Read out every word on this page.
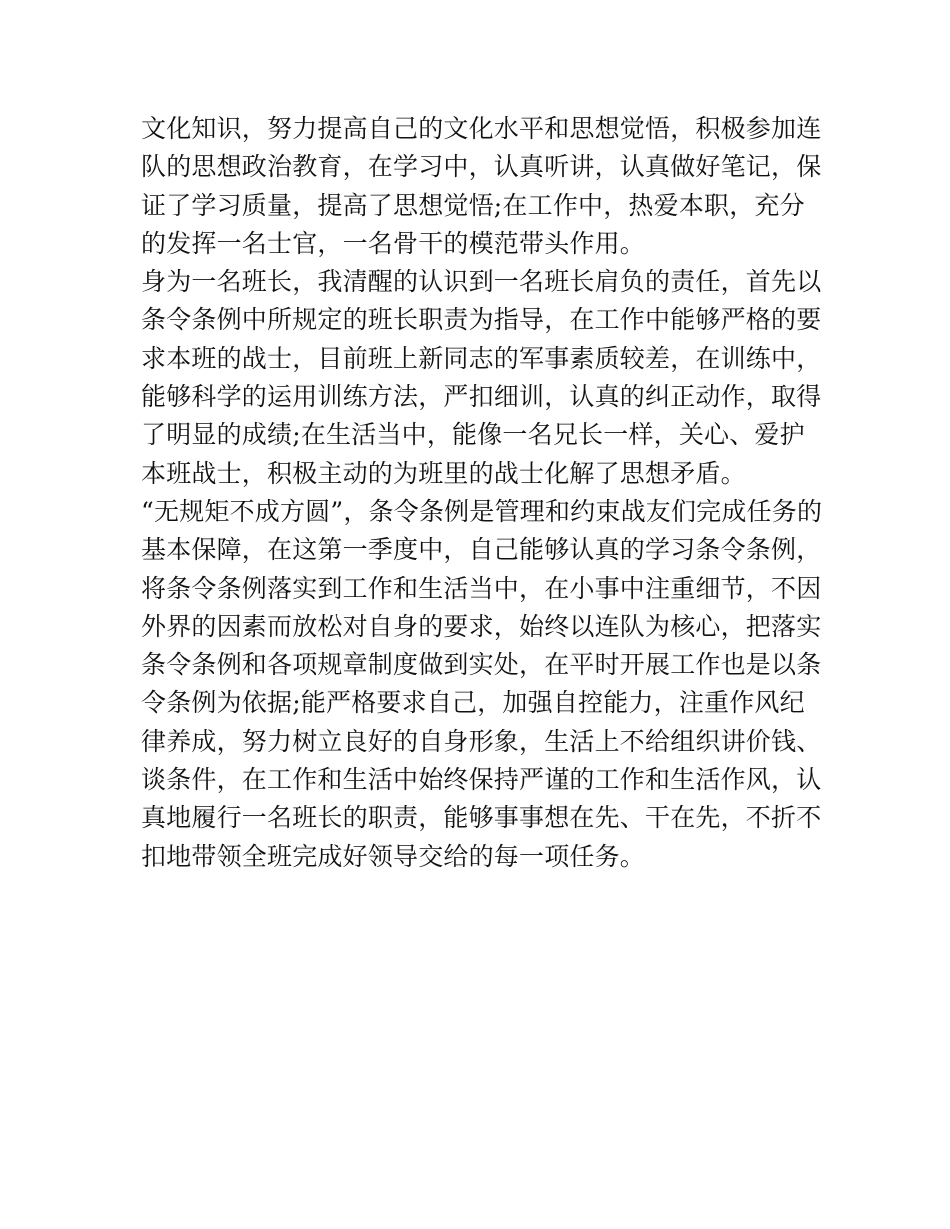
文化知识，努力提高自己的文化水平和思想觉悟，积极参加连
队的思想政治教育，在学习中，认真听讲，认真做好笔记，保
证了学习质量，提高了思想觉悟;在工作中，热爱本职，充分
的发挥一名士官，一名骨干的模范带头作用。
身为一名班长，我清醒的认识到一名班长肩负的责任，首先以
条令条例中所规定的班长职责为指导，在工作中能够严格的要
求本班的战士，目前班上新同志的军事素质较差，在训练中，
能够科学的运用训练方法，严扣细训，认真的纠正动作，取得
了明显的成绩;在生活当中，能像一名兄长一样，关心、爱护
本班战士，积极主动的为班里的战士化解了思想矛盾。
“无规矩不成方圆”，条令条例是管理和约束战友们完成任务的
基本保障，在这第一季度中，自己能够认真的学习条令条例，
将条令条例落实到工作和生活当中，在小事中注重细节，不因
外界的因素而放松对自身的要求，始终以连队为核心，把落实
条令条例和各项规章制度做到实处，在平时开展工作也是以条
令条例为依据;能严格要求自己，加强自控能力，注重作风纪
律养成，努力树立良好的自身形象，生活上不给组织讲价钱、
谈条件，在工作和生活中始终保持严谨的工作和生活作风，认
真地履行一名班长的职责，能够事事想在先、干在先，不折不
扣地带领全班完成好领导交给的每一项任务。
